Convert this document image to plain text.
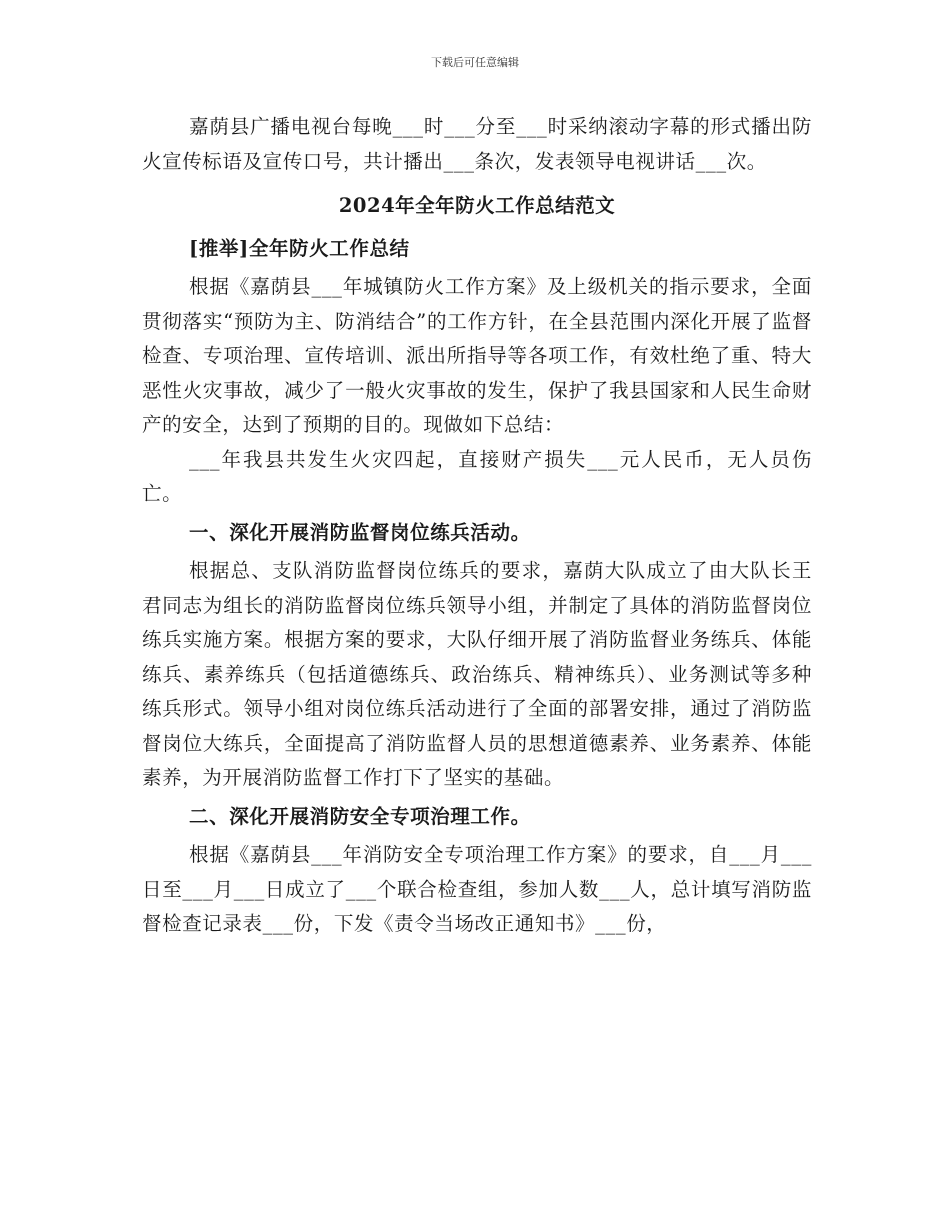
下载后可任意编辑

嘉荫县广播电视台每晚___时___分至___时采纳滚动字幕的形式播出防火宣传标语及宣传口号，共计播出___条次，发表领导电视讲话___次。

2024年全年防火工作总结范文

[推举]全年防火工作总结

根据《嘉荫县___年城镇防火工作方案》及上级机关的指示要求，全面贯彻落实“预防为主、防消结合”的工作方针，在全县范围内深化开展了监督检查、专项治理、宣传培训、派出所指导等各项工作，有效杜绝了重、特大恶性火灾事故，减少了一般火灾事故的发生，保护了我县国家和人民生命财产的安全，达到了预期的目的。现做如下总结：

___年我县共发生火灾四起，直接财产损失___元人民币，无人员伤亡。

一、深化开展消防监督岗位练兵活动。

根据总、支队消防监督岗位练兵的要求，嘉荫大队成立了由大队长王君同志为组长的消防监督岗位练兵领导小组，并制定了具体的消防监督岗位练兵实施方案。根据方案的要求，大队仔细开展了消防监督业务练兵、体能练兵、素养练兵（包括道德练兵、政治练兵、精神练兵）、业务测试等多种练兵形式。领导小组对岗位练兵活动进行了全面的部署安排，通过了消防监督岗位大练兵，全面提高了消防监督人员的思想道德素养、业务素养、体能素养，为开展消防监督工作打下了坚实的基础。

二、深化开展消防安全专项治理工作。

根据《嘉荫县___年消防安全专项治理工作方案》的要求，自___月___日至___月___日成立了___个联合检查组，参加人数___人，总计填写消防监督检查记录表___份，下发《责令当场改正通知书》___份，
